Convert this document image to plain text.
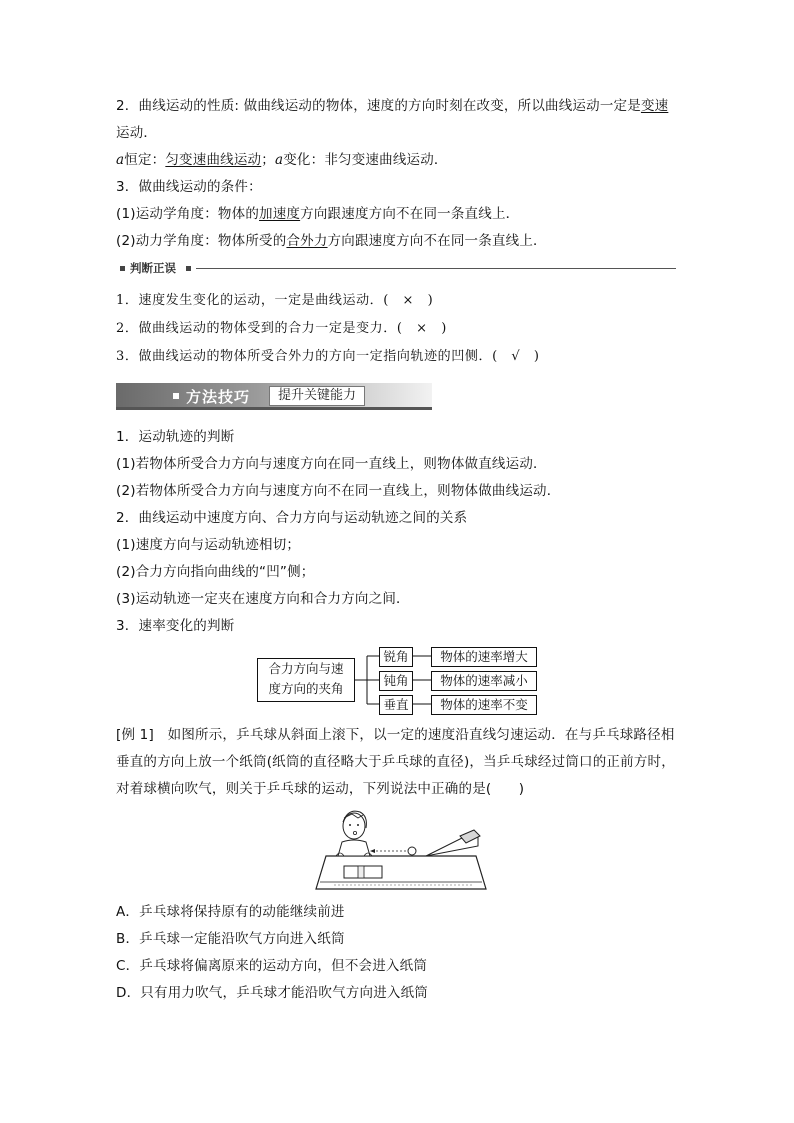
2．曲线运动的性质: 做曲线运动的物体，速度的方向时刻在改变，所以曲线运动一定是变速
运动．
a恒定：匀变速曲线运动；a变化：非匀变速曲线运动．
3．做曲线运动的条件：
(1)运动学角度：物体的加速度方向跟速度方向不在同一条直线上．
(2)动力学角度：物体所受的合外力方向跟速度方向不在同一条直线上．
判断正误
1．速度发生变化的运动，一定是曲线运动．(　×　)
2．做曲线运动的物体受到的合力一定是变力．(　×　)
3．做曲线运动的物体所受合外力的方向一定指向轨迹的凹侧．(　√　)
方法技巧	提升关键能力
1．运动轨迹的判断
(1)若物体所受合力方向与速度方向在同一直线上，则物体做直线运动．
(2)若物体所受合力方向与速度方向不在同一直线上，则物体做曲线运动．
2．曲线运动中速度方向、合力方向与运动轨迹之间的关系
(1)速度方向与运动轨迹相切；
(2)合力方向指向曲线的“凹”侧；
(3)运动轨迹一定夹在速度方向和合力方向之间．
3．速率变化的判断
合力方向与速
度方向的夹角
锐角
钝角
垂直
物体的速率增大
物体的速率减小
物体的速率不变
[例 1]　如图所示，乒乓球从斜面上滚下，以一定的速度沿直线匀速运动．在与乒乓球路径相
垂直的方向上放一个纸筒(纸筒的直径略大于乒乓球的直径)，当乒乓球经过筒口的正前方时，
对着球横向吹气，则关于乒乓球的运动，下列说法中正确的是(　　)
A．乒乓球将保持原有的动能继续前进
B．乒乓球一定能沿吹气方向进入纸筒
C．乒乓球将偏离原来的运动方向，但不会进入纸筒
D．只有用力吹气，乒乓球才能沿吹气方向进入纸筒
